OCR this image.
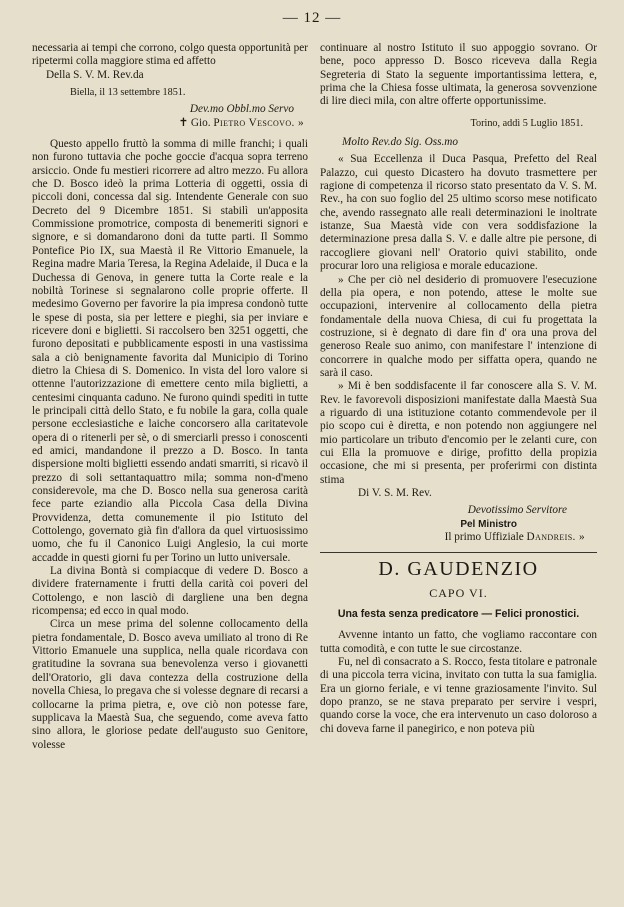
— 12 —

necessaria ai tempi che corrono, colgo questa opportunità per ripetermi colla maggiore stima ed affetto

Della S. V. M. Rev.da

Biella, il 13 settembre 1851.

Dev.mo Obbl.mo Servo

✝ Gio. Pietro Vescovo. »

Questo appello fruttò la somma di mille franchi; i quali non furono tuttavia che poche goccie d'acqua sopra terreno arsiccio. Onde fu mestieri ricorrere ad altro mezzo. Fu allora che D. Bosco ideò la prima Lotteria di oggetti, ossia di piccoli doni, concessa dal sig. Intendente Generale con suo Decreto del 9 Dicembre 1851. Si stabilì un'apposita Commissione promotrice, composta di benemeriti signori e signore, e si domandarono doni da tutte parti. Il Sommo Pontefice Pio IX, sua Maestà il Re Vittorio Emanuele, la Regina madre Maria Teresa, la Regina Adelaide, il Duca e la Duchessa di Genova, in genere tutta la Corte reale e la nobiltà Torinese si segnalarono colle proprie offerte. Il medesimo Governo per favorire la pia impresa condonò tutte le spese di posta, sia per lettere e pieghi, sia per inviare e ricevere doni e biglietti. Si raccolsero ben 3251 oggetti, che furono depositati e pubblicamente esposti in una vastissima sala a ciò benignamente favorita dal Municipio di Torino dietro la Chiesa di S. Domenico. In vista del loro valore si ottenne l'autorizzazione di emettere cento mila biglietti, a centesimi cinquanta caduno. Ne furono quindi spediti in tutte le principali città dello Stato, e fu nobile la gara, colla quale persone ecclesiastiche e laiche concorsero alla caritatevole opera di o ritenerli per sè, o di smerciarli presso i conoscenti ed amici, mandandone il prezzo a D. Bosco. In tanta dispersione molti biglietti essendo andati smarriti, si ricavò il prezzo di soli settantaquattro mila; somma non-d'meno considerevole, ma che D. Bosco nella sua generosa carità fece parte eziandio alla Piccola Casa della Divina Provvidenza, detta comunemente il pio Istituto del Cottolengo, governato già fin d'allora da quel virtuosissimo uomo, che fu il Canonico Luigi Anglesio, la cui morte accadde in questi giorni fu per Torino un lutto universale.

La divina Bontà si compiacque di vedere D. Bosco a dividere fraternamente i frutti della carità coi poveri del Cottolengo, e non lasciò di dargliene una ben degna ricompensa; ed ecco in qual modo.

Circa un mese prima del solenne collocamento della pietra fondamentale, D. Bosco aveva umiliato al trono di Re Vittorio Emanuele una supplica, nella quale ricordava con gratitudine la sovrana sua benevolenza verso i giovanetti dell'Oratorio, gli dava contezza della costruzione della novella Chiesa, lo pregava che si volesse degnare di recarsi a collocarne la prima pietra, e, ove ciò non potesse fare, supplicava la Maestà Sua, che seguendo, come aveva fatto sino allora, le gloriose pedate dell'augusto suo Genitore, volesse

continuare al nostro Istituto il suo appoggio sovrano. Or bene, poco appresso D. Bosco riceveva dalla Regia Segreteria di Stato la seguente importantissima lettera, e, prima che la Chiesa fosse ultimata, la generosa sovvenzione di lire dieci mila, con altre offerte opportunissime.

Torino, addì 5 Luglio 1851.

Molto Rev.do Sig. Oss.mo

« Sua Eccellenza il Duca Pasqua, Prefetto del Real Palazzo, cui questo Dicastero ha dovuto trasmettere per ragione di competenza il ricorso stato presentato da V. S. M. Rev., ha con suo foglio del 25 ultimo scorso mese notificato che, avendo rassegnato alle reali determinazioni le inoltrate istanze, Sua Maestà vide con vera soddisfazione la determinazione presa dalla S. V. e dalle altre pie persone, di raccogliere giovani nell' Oratorio quivi stabilito, onde procurar loro una religiosa e morale educazione.

» Che per ciò nel desiderio di promuovere l'esecuzione della pia opera, e non potendo, attese le molte sue occupazioni, intervenire al collocamento della pietra fondamentale della nuova Chiesa, di cui fu progettata la costruzione, si è degnato di dare fin d' ora una prova del generoso Reale suo animo, con manifestare l' intenzione di concorrere in qualche modo per siffatta opera, quando ne sarà il caso.

» Mi è ben soddisfacente il far conoscere alla S. V. M. Rev. le favorevoli disposizioni manifestate dalla Maestà Sua a riguardo di una istituzione cotanto commendevole per il pio scopo cui è diretta, e non potendo non aggiungere nel mio particolare un tributo d'encomio per le zelanti cure, con cui Ella la promuove e dirige, profitto della propizia occasione, che mi si presenta, per proferirmi con distinta stima

Di V. S. M. Rev.

Devotissimo Servitore

Pel Ministro

Il primo Uffiziale Dandreis. »

D. GAUDENZIO
CAPO VI.
Una festa senza predicatore — Felici pronostici.

Avvenne intanto un fatto, che vogliamo raccontare con tutta comodità, e con tutte le sue circostanze.

Fu, nel dì consacrato a S. Rocco, festa titolare e patronale di una piccola terra vicina, invitato con tutta la sua famiglia. Era un giorno feriale, e vi tenne graziosamente l'invito. Sul dopo pranzo, se ne stava preparato per servire i vespri, quando corse la voce, che era intervenuto un caso doloroso a chi doveva farne il panegirico, e non poteva più
